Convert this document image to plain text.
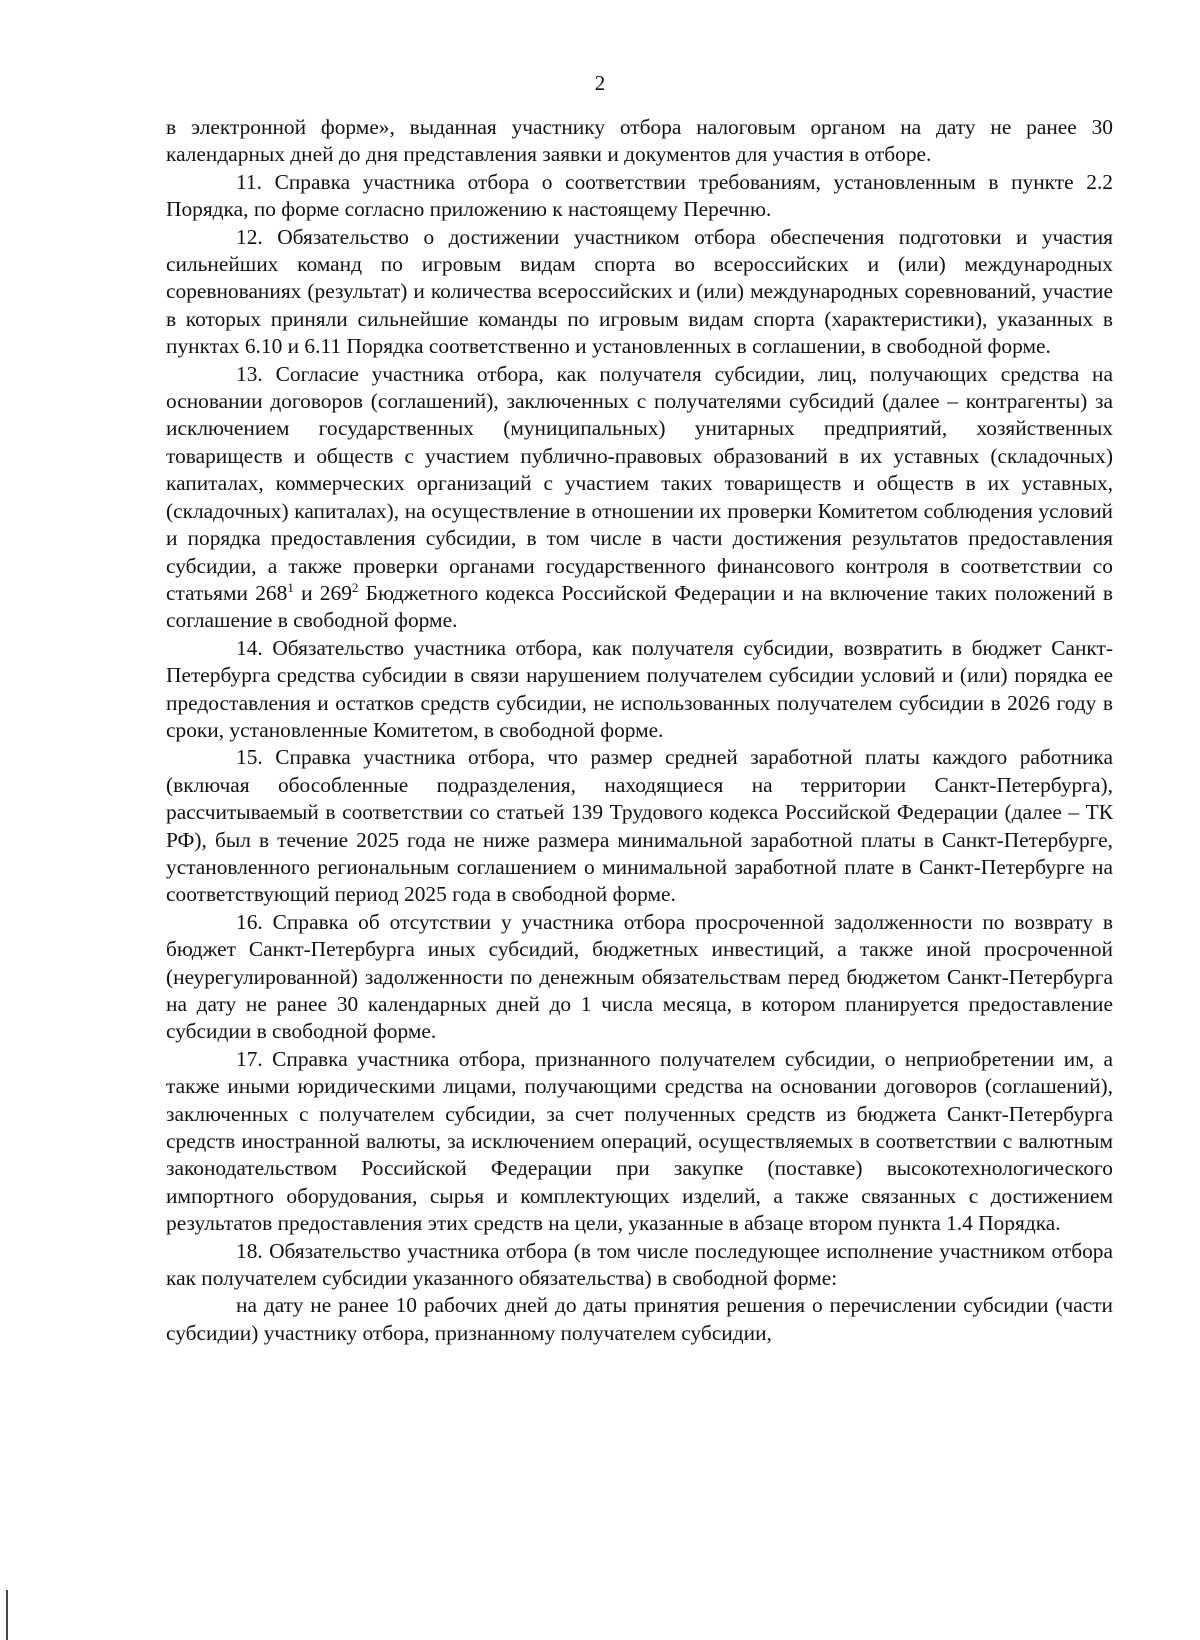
2

в электронной форме», выданная участнику отбора налоговым органом на дату не ранее 30 календарных дней до дня представления заявки и документов для участия в отборе.

11. Справка участника отбора о соответствии требованиям, установленным в пункте 2.2 Порядка, по форме согласно приложению к настоящему Перечню.

12. Обязательство о достижении участником отбора обеспечения подготовки и участия сильнейших команд по игровым видам спорта во всероссийских и (или) международных соревнованиях (результат) и количества всероссийских и (или) международных соревнований, участие в которых приняли сильнейшие команды по игровым видам спорта (характеристики), указанных в пунктах 6.10 и 6.11 Порядка соответственно и установленных в соглашении, в свободной форме.

13. Согласие участника отбора, как получателя субсидии, лиц, получающих средства на основании договоров (соглашений), заключенных с получателями субсидий (далее – контрагенты) за исключением государственных (муниципальных) унитарных предприятий, хозяйственных товариществ и обществ с участием публично-правовых образований в их уставных (складочных) капиталах, коммерческих организаций с участием таких товариществ и обществ в их уставных, (складочных) капиталах), на осуществление в отношении их проверки Комитетом соблюдения условий и порядка предоставления субсидии, в том числе в части достижения результатов предоставления субсидии, а также проверки органами государственного финансового контроля в соответствии со статьями $268^1$ и $269^2$ Бюджетного кодекса Российской Федерации и на включение таких положений в соглашение в свободной форме.

14. Обязательство участника отбора, как получателя субсидии, возвратить в бюджет Санкт-Петербурга средства субсидии в связи нарушением получателем субсидии условий и (или) порядка ее предоставления и остатков средств субсидии, не использованных получателем субсидии в 2026 году в сроки, установленные Комитетом, в свободной форме.

15. Справка участника отбора, что размер средней заработной платы каждого работника (включая обособленные подразделения, находящиеся на территории Санкт-Петербурга), рассчитываемый в соответствии со статьей 139 Трудового кодекса Российской Федерации (далее – ТК РФ), был в течение 2025 года не ниже размера минимальной заработной платы в Санкт-Петербурге, установленного региональным соглашением о минимальной заработной плате в Санкт-Петербурге на соответствующий период 2025 года в свободной форме.

16. Справка об отсутствии у участника отбора просроченной задолженности по возврату в бюджет Санкт-Петербурга иных субсидий, бюджетных инвестиций, а также иной просроченной (неурегулированной) задолженности по денежным обязательствам перед бюджетом Санкт-Петербурга на дату не ранее 30 календарных дней до 1 числа месяца, в котором планируется предоставление субсидии в свободной форме.

17. Справка участника отбора, признанного получателем субсидии, о неприобретении им, а также иными юридическими лицами, получающими средства на основании договоров (соглашений), заключенных с получателем субсидии, за счет полученных средств из бюджета Санкт-Петербурга средств иностранной валюты, за исключением операций, осуществляемых в соответствии с валютным законодательством Российской Федерации при закупке (поставке) высокотехнологического импортного оборудования, сырья и комплектующих изделий, а также связанных с достижением результатов предоставления этих средств на цели, указанные в абзаце втором пункта 1.4 Порядка.

18. Обязательство участника отбора (в том числе последующее исполнение участником отбора как получателем субсидии указанного обязательства) в свободной форме:

на дату не ранее 10 рабочих дней до даты принятия решения о перечислении субсидии (части субсидии) участнику отбора, признанному получателем субсидии,
